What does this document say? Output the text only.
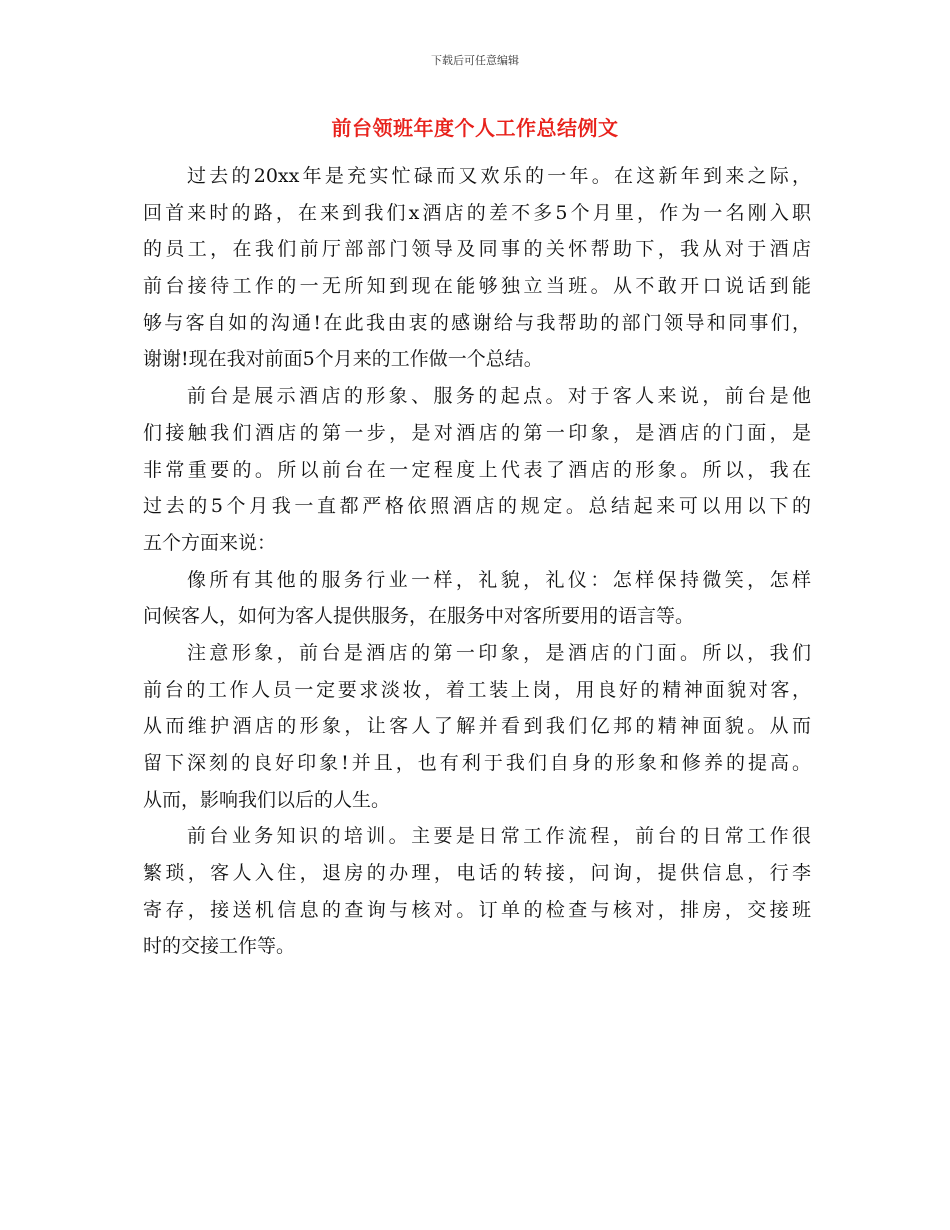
下载后可任意编辑
前台领班年度个人工作总结例文
过去的20xx年是充实忙碌而又欢乐的一年。在这新年到来之际，
回首来时的路，在来到我们x酒店的差不多5个月里，作为一名刚入职
的员工，在我们前厅部部门领导及同事的关怀帮助下，我从对于酒店
前台接待工作的一无所知到现在能够独立当班。从不敢开口说话到能
够与客自如的沟通!在此我由衷的感谢给与我帮助的部门领导和同事们，
谢谢!现在我对前面5个月来的工作做一个总结。
前台是展示酒店的形象、服务的起点。对于客人来说，前台是他
们接触我们酒店的第一步，是对酒店的第一印象，是酒店的门面，是
非常重要的。所以前台在一定程度上代表了酒店的形象。所以，我在
过去的5个月我一直都严格依照酒店的规定。总结起来可以用以下的
五个方面来说：
像所有其他的服务行业一样，礼貌，礼仪：怎样保持微笑，怎样
问候客人，如何为客人提供服务，在服务中对客所要用的语言等。
注意形象，前台是酒店的第一印象，是酒店的门面。所以，我们
前台的工作人员一定要求淡妆，着工装上岗，用良好的精神面貌对客，
从而维护酒店的形象，让客人了解并看到我们亿邦的精神面貌。从而
留下深刻的良好印象!并且，也有利于我们自身的形象和修养的提高。
从而，影响我们以后的人生。
前台业务知识的培训。主要是日常工作流程，前台的日常工作很
繁琐，客人入住，退房的办理，电话的转接，问询，提供信息，行李
寄存，接送机信息的查询与核对。订单的检查与核对，排房，交接班
时的交接工作等。
